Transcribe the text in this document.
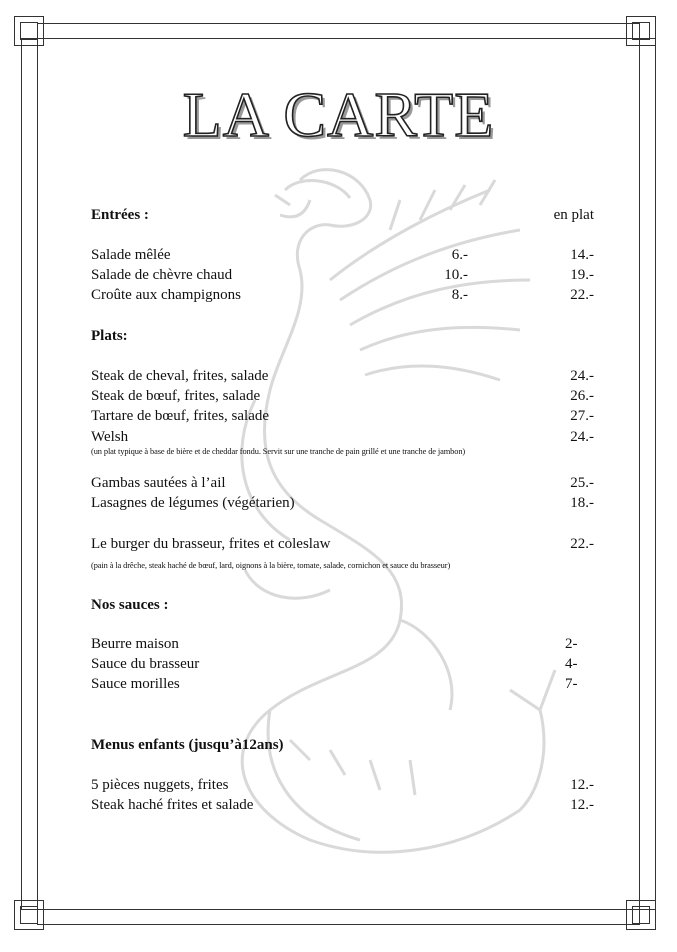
LA CARTE
Entrées :	en plat
Salade mêlée	6.-	14.-
Salade de chèvre chaud	10.-	19.-
Croûte aux champignons	8.-	22.-
Plats:
Steak de cheval, frites, salade	24.-
Steak de bœuf, frites, salade	26.-
Tartare de bœuf, frites, salade	27.-
Welsh	24.-
(un plat typique à base de bière et de cheddar fondu. Servit sur une tranche de pain grillé et une tranche de jambon)
Gambas sautées à l’ail	25.-
Lasagnes de légumes (végétarien)	18.-
Le burger du brasseur, frites et coleslaw	22.-
(pain à la drêche, steak haché de bœuf, lard, oignons à la bière, tomate, salade, cornichon et sauce du brasseur)
Nos sauces :
Beurre maison	2-
Sauce du brasseur	4-
Sauce morilles	7-
Menus enfants (jusqu’à12ans)
5 pièces nuggets, frites	12.-
Steak haché frites et salade	12.-
